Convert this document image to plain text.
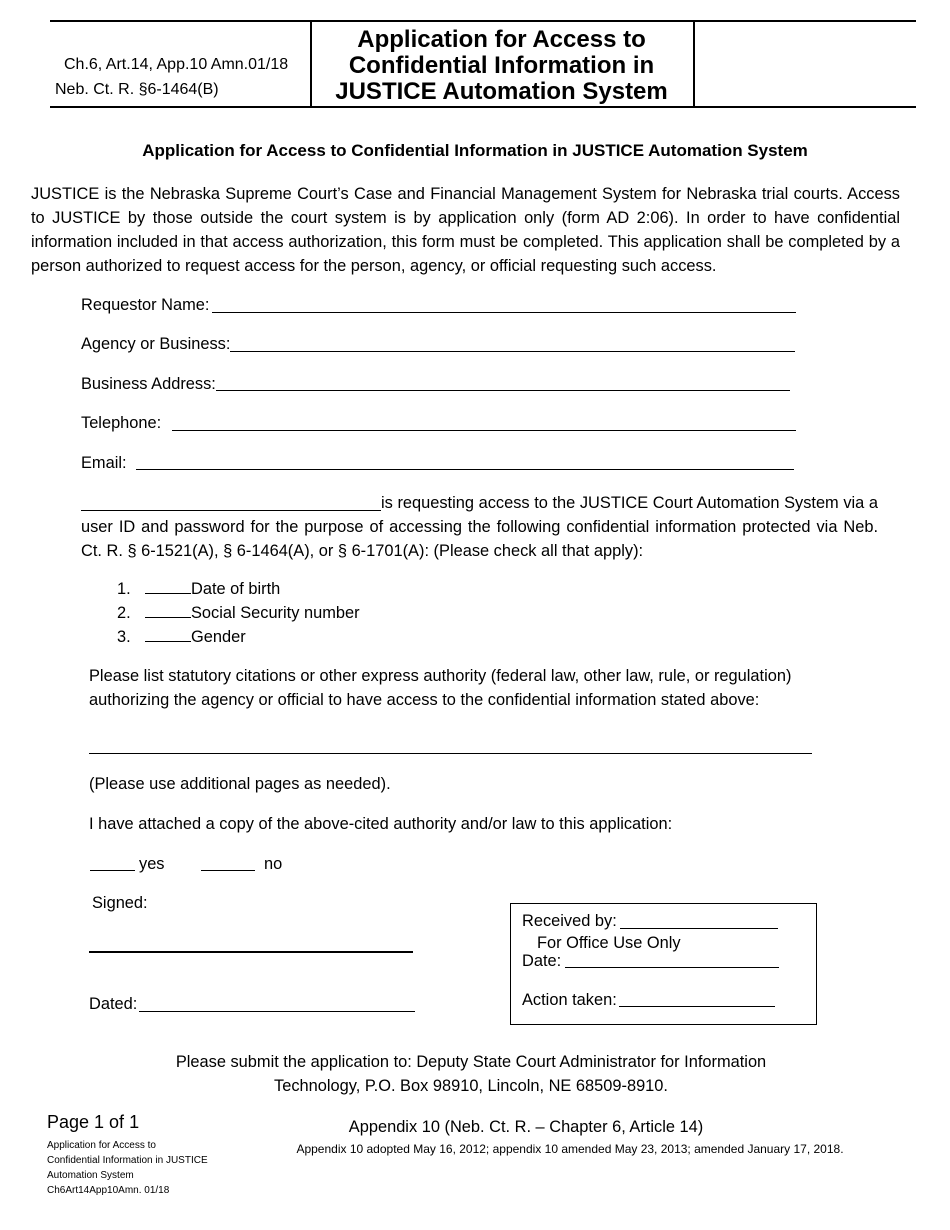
Ch.6, Art.14, App.10 Amn.01/18
Neb. Ct. R. §6-1464(B)
Application for Access to Confidential Information in JUSTICE Automation System
Application for Access to Confidential Information in JUSTICE Automation System
JUSTICE is the Nebraska Supreme Court’s Case and Financial Management System for Nebraska trial courts. Access to JUSTICE by those outside the court system is by application only (form AD 2:06). In order to have confidential information included in that access authorization, this form must be completed. This application shall be completed by a person authorized to request access for the person, agency, or official requesting such access.
Requestor Name:
Agency or Business:
Business Address:
Telephone:
Email:
is requesting access to the JUSTICE Court Automation System via a user ID and password for the purpose of accessing the following confidential information protected via Neb. Ct. R. § 6-1521(A), § 6-1464(A), or § 6-1701(A): (Please check all that apply):
1.	Date of birth
2.	Social Security number
3.	Gender
Please list statutory citations or other express authority (federal law, other law, rule, or regulation) authorizing the agency or official to have access to the confidential information stated above:
(Please use additional pages as needed).
I have attached a copy of the above-cited authority and/or law to this application:
yes	no
Signed:
Dated:
Received by:
For Office Use Only
Date:
Action taken:
Please submit the application to: Deputy State Court Administrator for Information
Technology, P.O. Box 98910, Lincoln, NE 68509-8910.
Page 1 of 1
Application for Access to
Confidential Information in JUSTICE
Automation System
Ch6Art14App10Amn. 01/18
Appendix 10 (Neb. Ct. R. – Chapter 6, Article 14)
Appendix 10 adopted May 16, 2012; appendix 10 amended May 23, 2013; amended January 17, 2018.
